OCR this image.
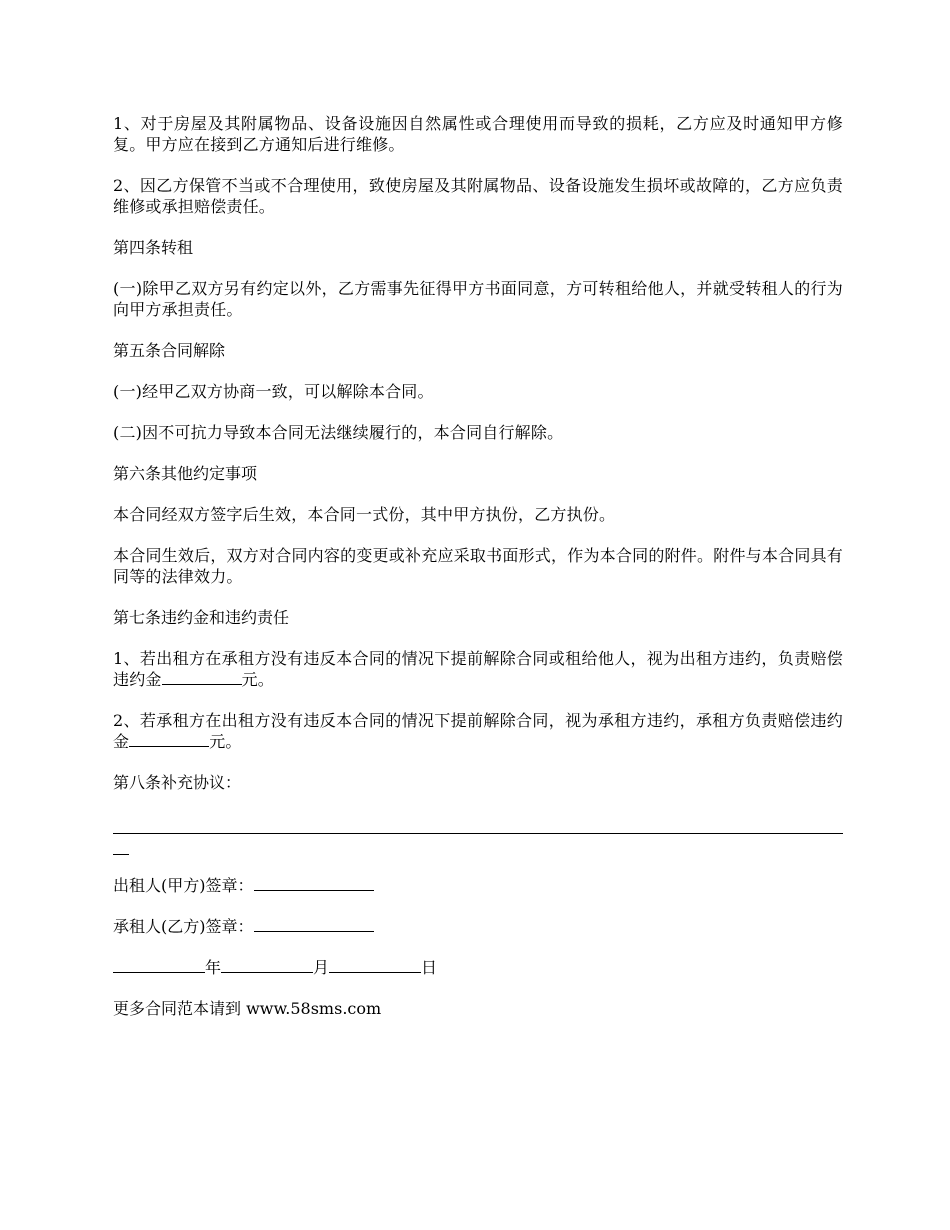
1、对于房屋及其附属物品、设备设施因自然属性或合理使用而导致的损耗，乙方应及时通知甲方修复。甲方应在接到乙方通知后进行维修。

2、因乙方保管不当或不合理使用，致使房屋及其附属物品、设备设施发生损坏或故障的，乙方应负责维修或承担赔偿责任。

第四条转租

(一)除甲乙双方另有约定以外，乙方需事先征得甲方书面同意，方可转租给他人，并就受转租人的行为向甲方承担责任。

第五条合同解除

(一)经甲乙双方协商一致，可以解除本合同。

(二)因不可抗力导致本合同无法继续履行的，本合同自行解除。

第六条其他约定事项

本合同经双方签字后生效，本合同一式份，其中甲方执份，乙方执份。

本合同生效后，双方对合同内容的变更或补充应采取书面形式，作为本合同的附件。附件与本合同具有同等的法律效力。

第七条违约金和违约责任

1、若出租方在承租方没有违反本合同的情况下提前解除合同或租给他人，视为出租方违约，负责赔偿违约金	元。

2、若承租方在出租方没有违反本合同的情况下提前解除合同，视为承租方违约，承租方负责赔偿违约金	元。

第八条补充协议：

出租人(甲方)签章：

承租人(乙方)签章：

年	月	日

更多合同范本请到 www.58sms.com
